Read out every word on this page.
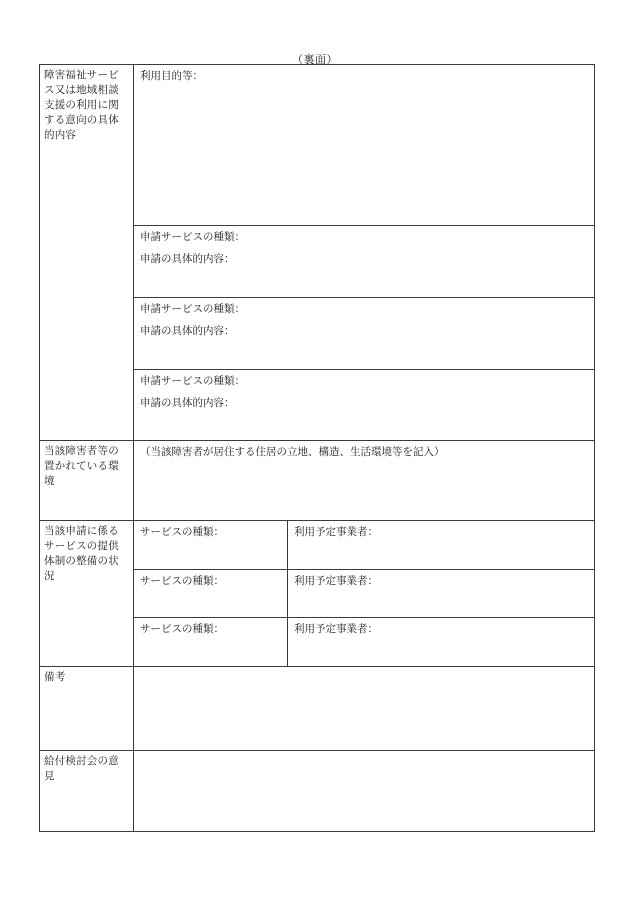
（裏面）
障害福祉サービス又は地域相談支援の利用に関する意向の具体的内容	利用目的等：	

	申請サービスの種類：
申請の具体的内容：	

	申請サービスの種類：
申請の具体的内容：	

	申請サービスの種類：
申請の具体的内容：	

当該障害者等の置かれている環境	（当該障害者が居住する住居の立地、構造、生活環境等を記入）	

当該申請に係るサービスの提供体制の整備の状況	サービスの種類：	利用予定事業者：

	サービスの種類：	利用予定事業者：

	サービスの種類：	利用予定事業者：

備考		
給付検討会の意見		
